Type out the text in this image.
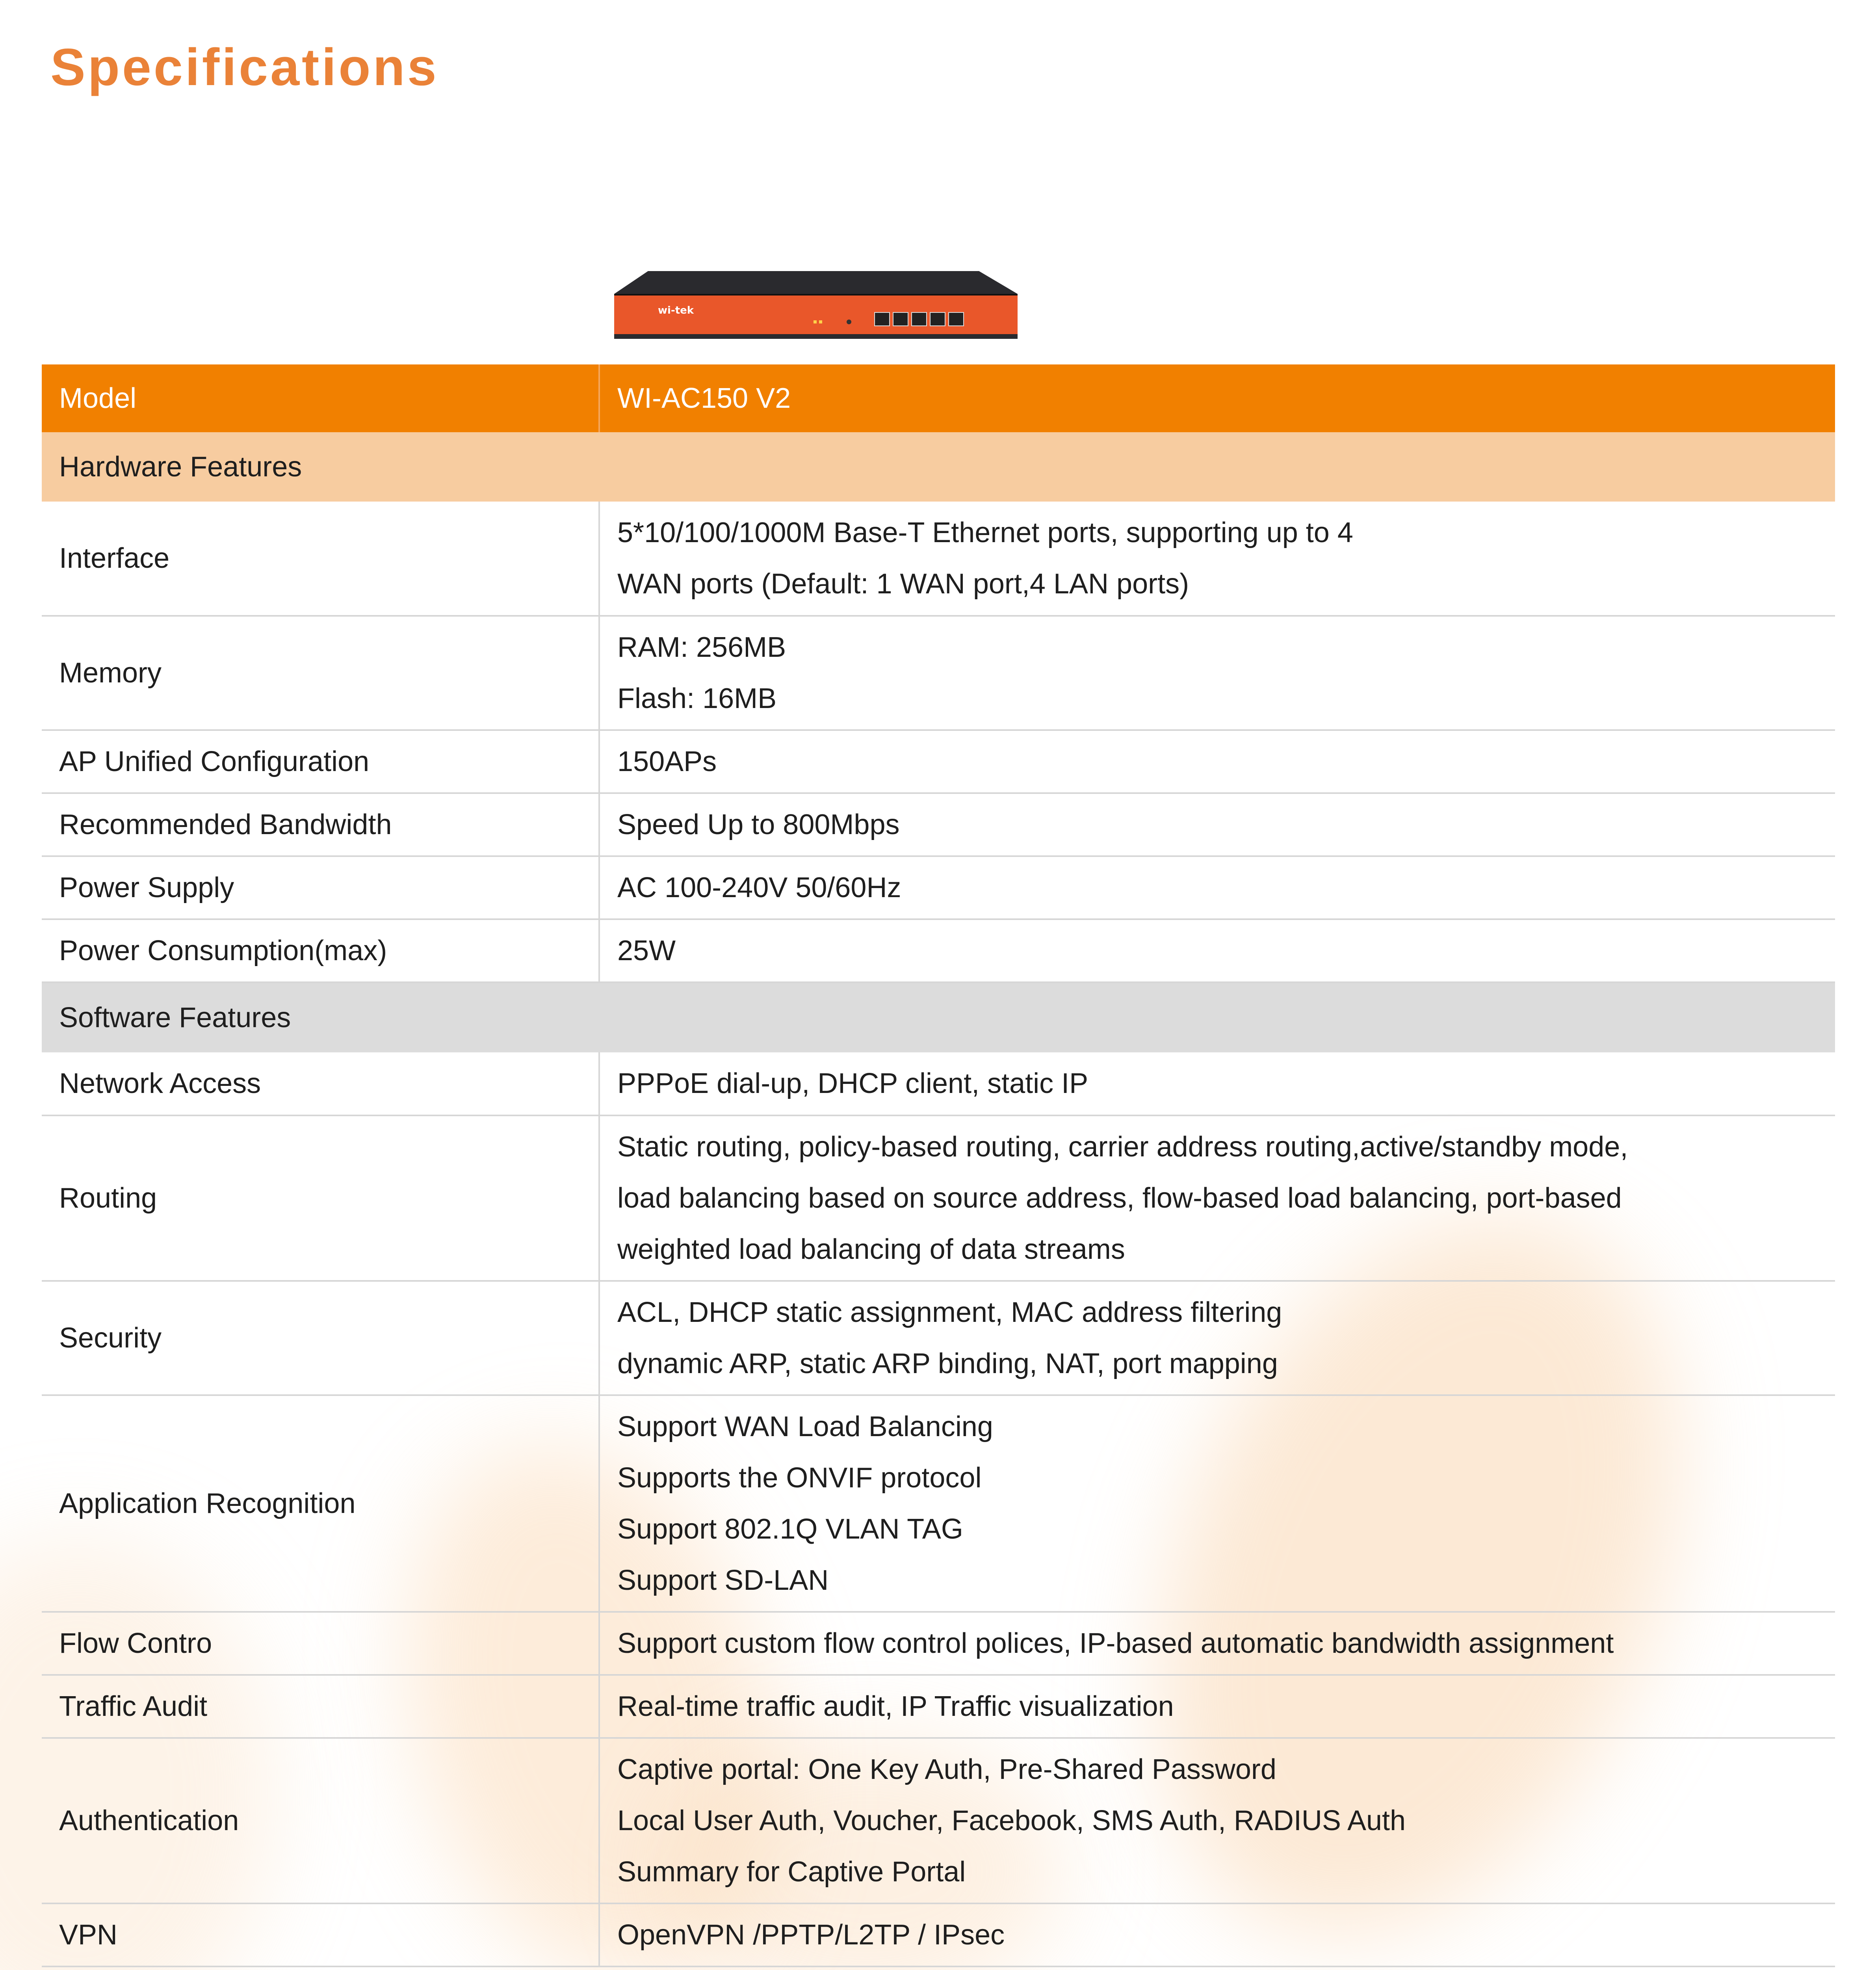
Specifications
wi-tek
Model	WI-AC150 V2
Hardware Features	
Interface	5*10/100/1000M Base-T Ethernet ports, supporting up to 4
WAN ports (Default: 1 WAN port,4 LAN ports)

Memory	RAM: 256MB
Flash: 16MB

AP Unified Configuration	150APs

Recommended Bandwidth	Speed Up to 800Mbps

Power Supply	AC 100-240V 50/60Hz

Power Consumption(max)	25W

Software Features	
Network Access	PPPoE dial-up, DHCP client, static IP

Routing	Static routing, policy-based routing, carrier address routing,active/standby mode,
load balancing based on source address, flow-based load balancing, port-based
weighted load balancing of data streams

Security	ACL, DHCP static assignment, MAC address filtering
dynamic ARP, static ARP binding, NAT, port mapping

Application Recognition	Support WAN Load Balancing
Supports the ONVIF protocol
Support 802.1Q VLAN TAG
Support SD-LAN

Flow Contro	Support custom flow control polices, IP-based automatic bandwidth assignment

Traffic Audit	Real-time traffic audit, IP Traffic visualization

Authentication	Captive portal: One Key Auth, Pre-Shared Password
Local User Auth, Voucher, Facebook, SMS Auth, RADIUS Auth
Summary for Captive Portal

VPN	OpenVPN /PPTP/L2TP / IPsec
